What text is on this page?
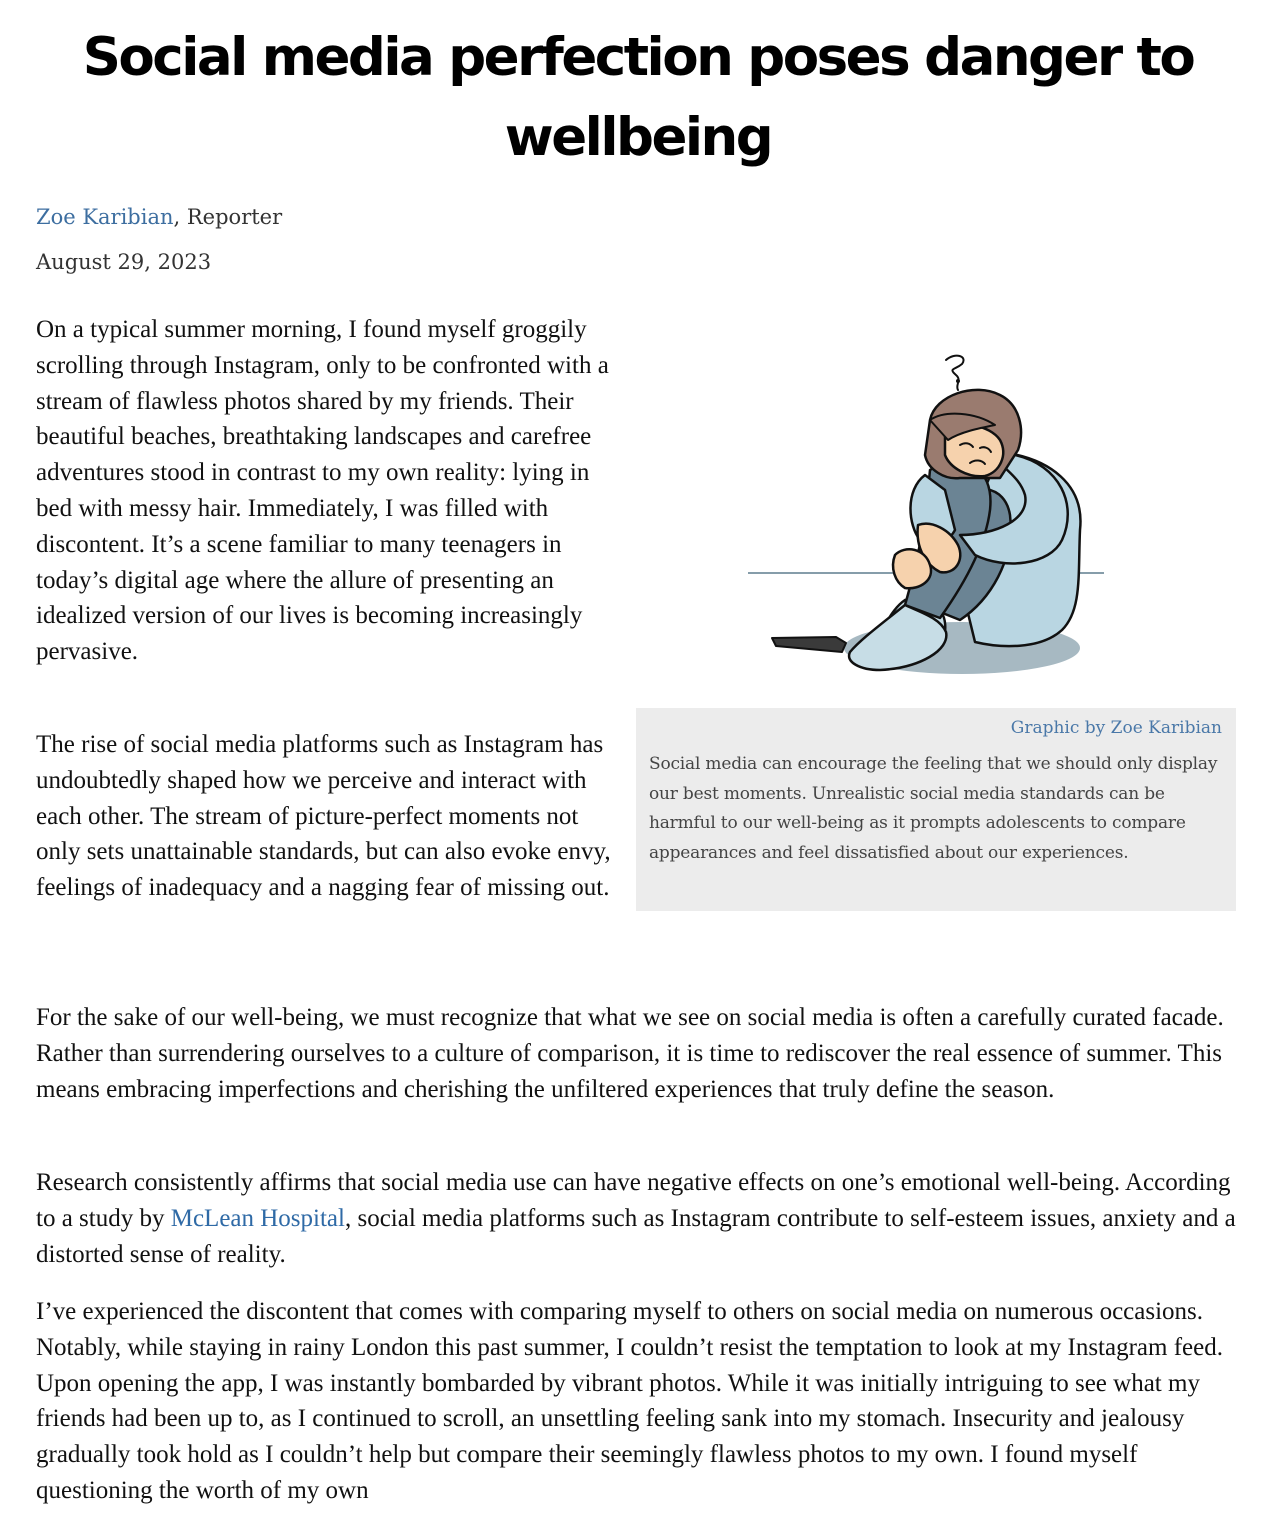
Social media perfection poses danger to wellbeing
Zoe Karibian, Reporter
August 29, 2023

On a typical summer morning, I found myself groggily scrolling through Instagram, only to be confronted with a stream of flawless photos shared by my friends. Their beautiful beaches, breathtaking landscapes and carefree adventures stood in contrast to my own reality: lying in bed with messy hair. Immediately, I was filled with discontent. It’s a scene familiar to many teenagers in today’s digital age where the allure of presenting an idealized version of our lives is becoming increasingly pervasive.

The rise of social media platforms such as Instagram has undoubtedly shaped how we perceive and interact with each other. The stream of picture-perfect moments not only sets unattainable standards, but can also evoke envy, feelings of inadequacy and a nagging fear of missing out.

Graphic by Zoe Karibian
Social media can encourage the feeling that we should only display our best moments. Unrealistic social media standards can be harmful to our well-being as it prompts adolescents to compare appearances and feel dissatisfied about our experiences.

For the sake of our well-being, we must recognize that what we see on social media is often a carefully curated facade. Rather than surrendering ourselves to a culture of comparison, it is time to rediscover the real essence of summer. This means embracing imperfections and cherishing the unfiltered experiences that truly define the season.

Research consistently affirms that social media use can have negative effects on one’s emotional well-being. According to a study by McLean Hospital, social media platforms such as Instagram contribute to self-esteem issues, anxiety and a distorted sense of reality.

I’ve experienced the discontent that comes with comparing myself to others on social media on numerous occasions. Notably, while staying in rainy London this past summer, I couldn’t resist the temptation to look at my Instagram feed. Upon opening the app, I was instantly bombarded by vibrant photos. While it was initially intriguing to see what my friends had been up to, as I continued to scroll, an unsettling feeling sank into my stomach. Insecurity and jealousy gradually took hold as I couldn’t help but compare their seemingly flawless photos to my own. I found myself questioning the worth of my own
